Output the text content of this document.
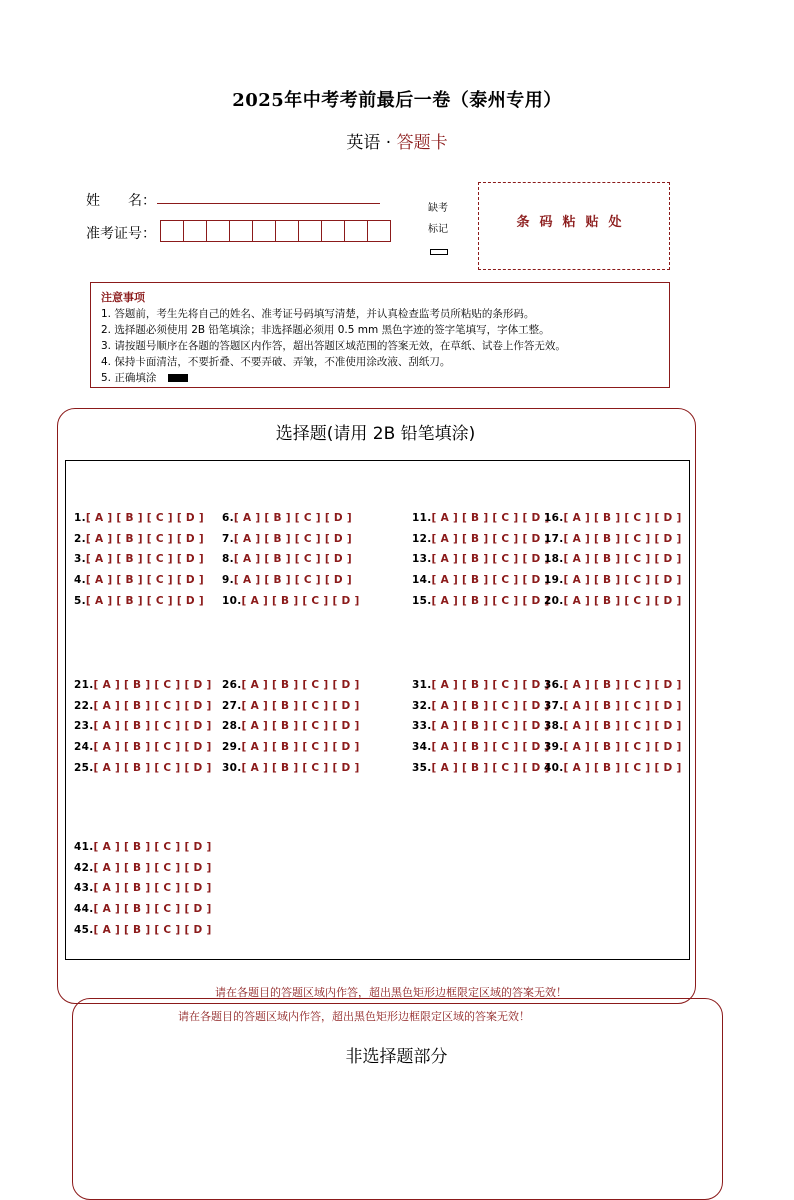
2025年中考考前最后一卷（泰州专用）
英语 · 答题卡
姓　　名：
准考证号：
缺考
标记	条码粘贴处
注意事项
1. 答题前，考生先将自己的姓名、准考证号码填写清楚，并认真检查监考员所粘贴的条形码。
2. 选择题必须使用 2B 铅笔填涂；非选择题必须用 0.5 mm 黑色字迹的签字笔填写，字体工整。
3. 请按题号顺序在各题的答题区内作答，超出答题区域范围的答案无效，在草纸、试卷上作答无效。
4. 保持卡面清洁，不要折叠、不要弄破、弄皱，不准使用涂改液、刮纸刀。
5. 正确填涂
选择题(请用 2B 铅笔填涂)
1.[ A ] [ B ] [ C ] [ D ]
2.[ A ] [ B ] [ C ] [ D ]
3.[ A ] [ B ] [ C ] [ D ]
4.[ A ] [ B ] [ C ] [ D ]
5.[ A ] [ B ] [ C ] [ D ]
6.[ A ] [ B ] [ C ] [ D ]
7.[ A ] [ B ] [ C ] [ D ]
8.[ A ] [ B ] [ C ] [ D ]
9.[ A ] [ B ] [ C ] [ D ]
10.[ A ] [ B ] [ C ] [ D ]
11.[ A ] [ B ] [ C ] [ D ]
12.[ A ] [ B ] [ C ] [ D ]
13.[ A ] [ B ] [ C ] [ D ]
14.[ A ] [ B ] [ C ] [ D ]
15.[ A ] [ B ] [ C ] [ D ]
16.[ A ] [ B ] [ C ] [ D ]
17.[ A ] [ B ] [ C ] [ D ]
18.[ A ] [ B ] [ C ] [ D ]
19.[ A ] [ B ] [ C ] [ D ]
20.[ A ] [ B ] [ C ] [ D ]
21.[ A ] [ B ] [ C ] [ D ]
22.[ A ] [ B ] [ C ] [ D ]
23.[ A ] [ B ] [ C ] [ D ]
24.[ A ] [ B ] [ C ] [ D ]
25.[ A ] [ B ] [ C ] [ D ]
26.[ A ] [ B ] [ C ] [ D ]
27.[ A ] [ B ] [ C ] [ D ]
28.[ A ] [ B ] [ C ] [ D ]
29.[ A ] [ B ] [ C ] [ D ]
30.[ A ] [ B ] [ C ] [ D ]
31.[ A ] [ B ] [ C ] [ D ]
32.[ A ] [ B ] [ C ] [ D ]
33.[ A ] [ B ] [ C ] [ D ]
34.[ A ] [ B ] [ C ] [ D ]
35.[ A ] [ B ] [ C ] [ D ]
36.[ A ] [ B ] [ C ] [ D ]
37.[ A ] [ B ] [ C ] [ D ]
38.[ A ] [ B ] [ C ] [ D ]
39.[ A ] [ B ] [ C ] [ D ]
40.[ A ] [ B ] [ C ] [ D ]
41.[ A ] [ B ] [ C ] [ D ]
42.[ A ] [ B ] [ C ] [ D ]
43.[ A ] [ B ] [ C ] [ D ]
44.[ A ] [ B ] [ C ] [ D ]
45.[ A ] [ B ] [ C ] [ D ]
请在各题目的答题区域内作答，超出黑色矩形边框限定区域的答案无效！
请在各题目的答题区域内作答，超出黑色矩形边框限定区域的答案无效！
非选择题部分
